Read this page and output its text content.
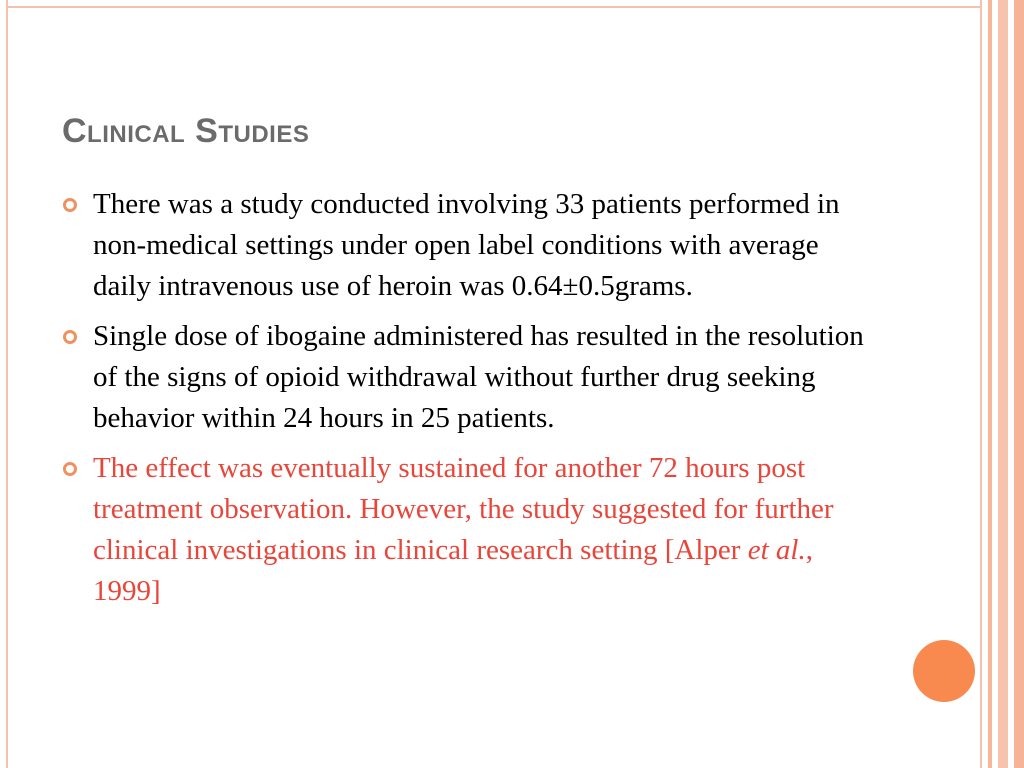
Clinical Studies
There was a study conducted involving 33 patients performed in non-medical settings under open label conditions with average daily intravenous use of heroin was 0.64±0.5grams.
Single dose of ibogaine administered has resulted in the resolution of the signs of opioid withdrawal without further drug seeking behavior within 24 hours in 25 patients.
The effect was eventually sustained for another 72 hours post treatment observation. However, the study suggested for further clinical investigations in clinical research setting [Alper et al., 1999]
